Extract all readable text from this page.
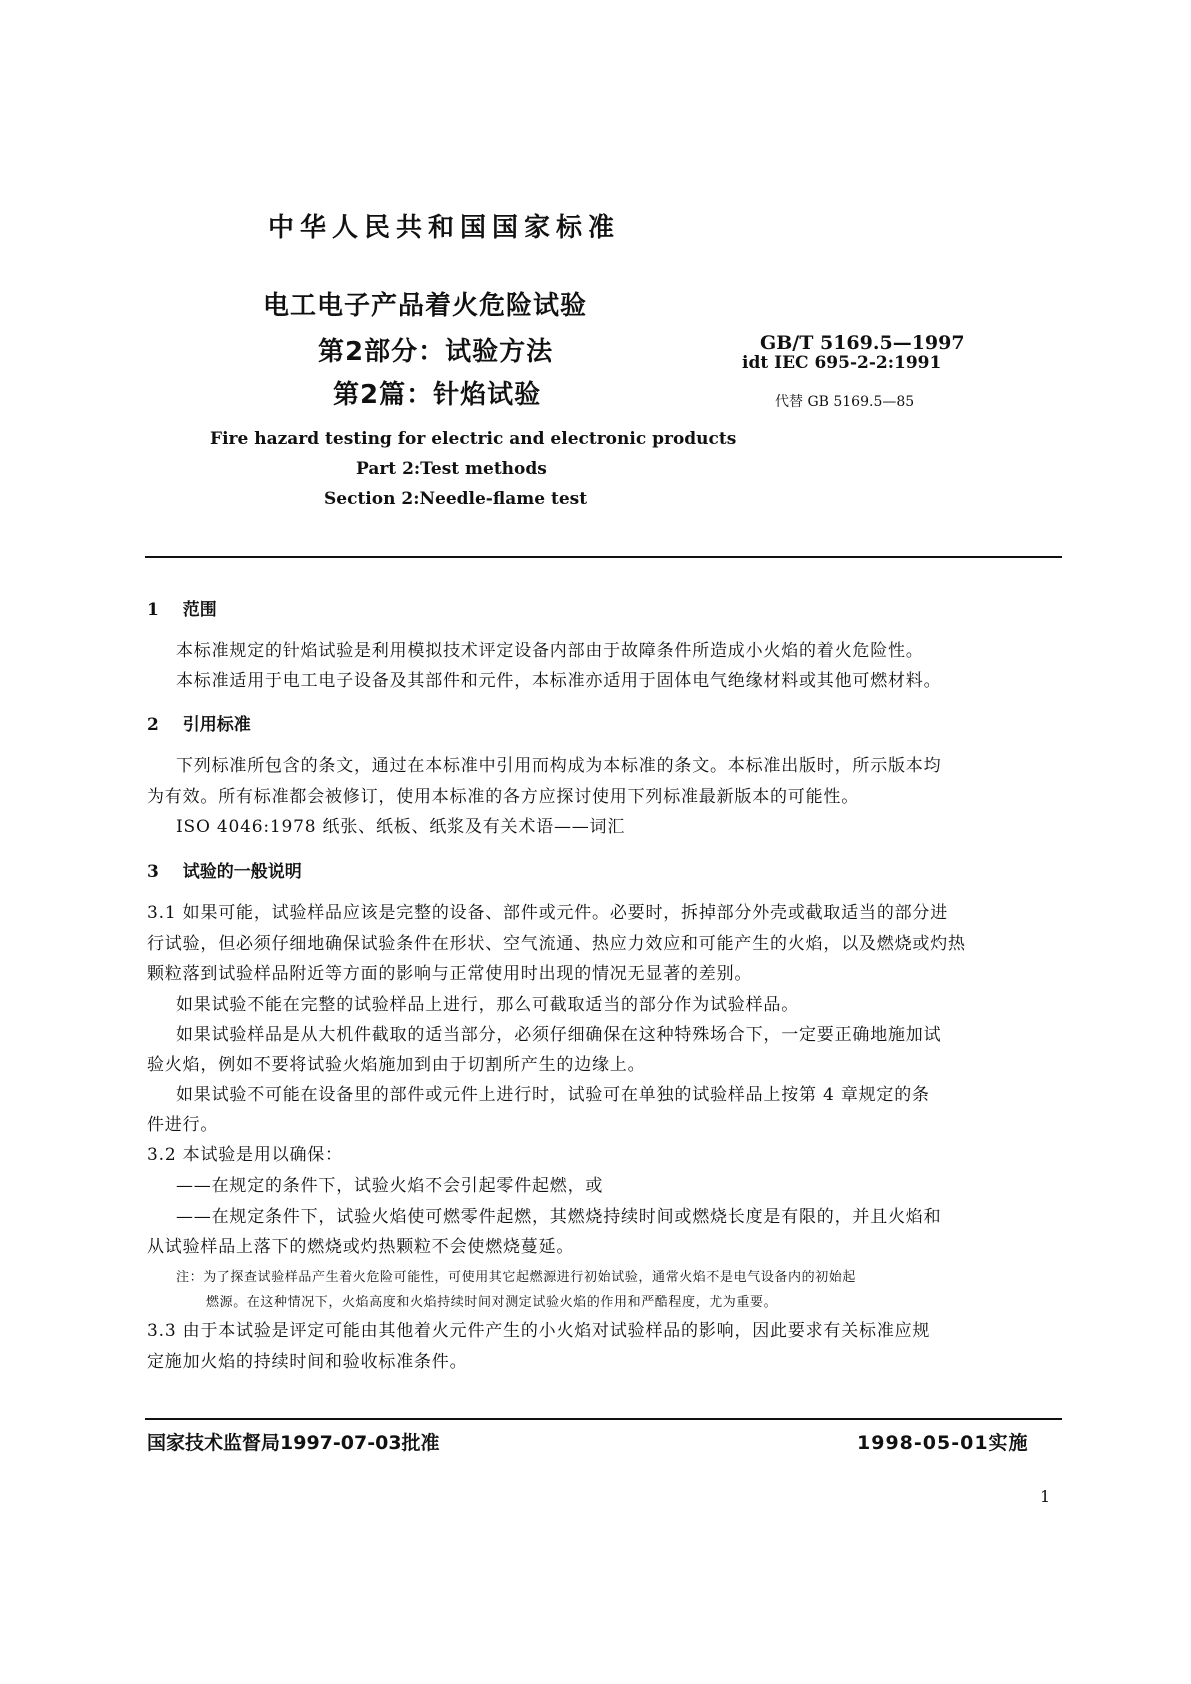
中华人民共和国国家标准
电工电子产品着火危险试验
第2部分：试验方法
第2篇：针焰试验
GB/T 5169.5—1997
idt IEC 695-2-2:1991
代替 GB 5169.5—85
Fire hazard testing for electric and electronic products
Part 2:Test methods
Section 2:Needle-flame test
1 范围
本标准规定的针焰试验是利用模拟技术评定设备内部由于故障条件所造成小火焰的着火危险性。
本标准适用于电工电子设备及其部件和元件，本标准亦适用于固体电气绝缘材料或其他可燃材料。
2 引用标准
下列标准所包含的条文，通过在本标准中引用而构成为本标准的条文。本标准出版时，所示版本均
为有效。所有标准都会被修订，使用本标准的各方应探讨使用下列标准最新版本的可能性。
ISO 4046:1978 纸张、纸板、纸浆及有关术语——词汇
3 试验的一般说明
3.1 如果可能，试验样品应该是完整的设备、部件或元件。必要时，拆掉部分外壳或截取适当的部分进
行试验，但必须仔细地确保试验条件在形状、空气流通、热应力效应和可能产生的火焰，以及燃烧或灼热
颗粒落到试验样品附近等方面的影响与正常使用时出现的情况无显著的差别。
如果试验不能在完整的试验样品上进行，那么可截取适当的部分作为试验样品。
如果试验样品是从大机件截取的适当部分，必须仔细确保在这种特殊场合下，一定要正确地施加试
验火焰，例如不要将试验火焰施加到由于切割所产生的边缘上。
如果试验不可能在设备里的部件或元件上进行时，试验可在单独的试验样品上按第 4 章规定的条
件进行。
3.2 本试验是用以确保：
——在规定的条件下，试验火焰不会引起零件起燃，或
——在规定条件下，试验火焰使可燃零件起燃，其燃烧持续时间或燃烧长度是有限的，并且火焰和
从试验样品上落下的燃烧或灼热颗粒不会使燃烧蔓延。
注：为了探查试验样品产生着火危险可能性，可使用其它起燃源进行初始试验，通常火焰不是电气设备内的初始起
燃源。在这种情况下，火焰高度和火焰持续时间对测定试验火焰的作用和严酷程度，尤为重要。
3.3 由于本试验是评定可能由其他着火元件产生的小火焰对试验样品的影响，因此要求有关标准应规
定施加火焰的持续时间和验收标准条件。
国家技术监督局1997-07-03批准	1998-05-01实施
1
